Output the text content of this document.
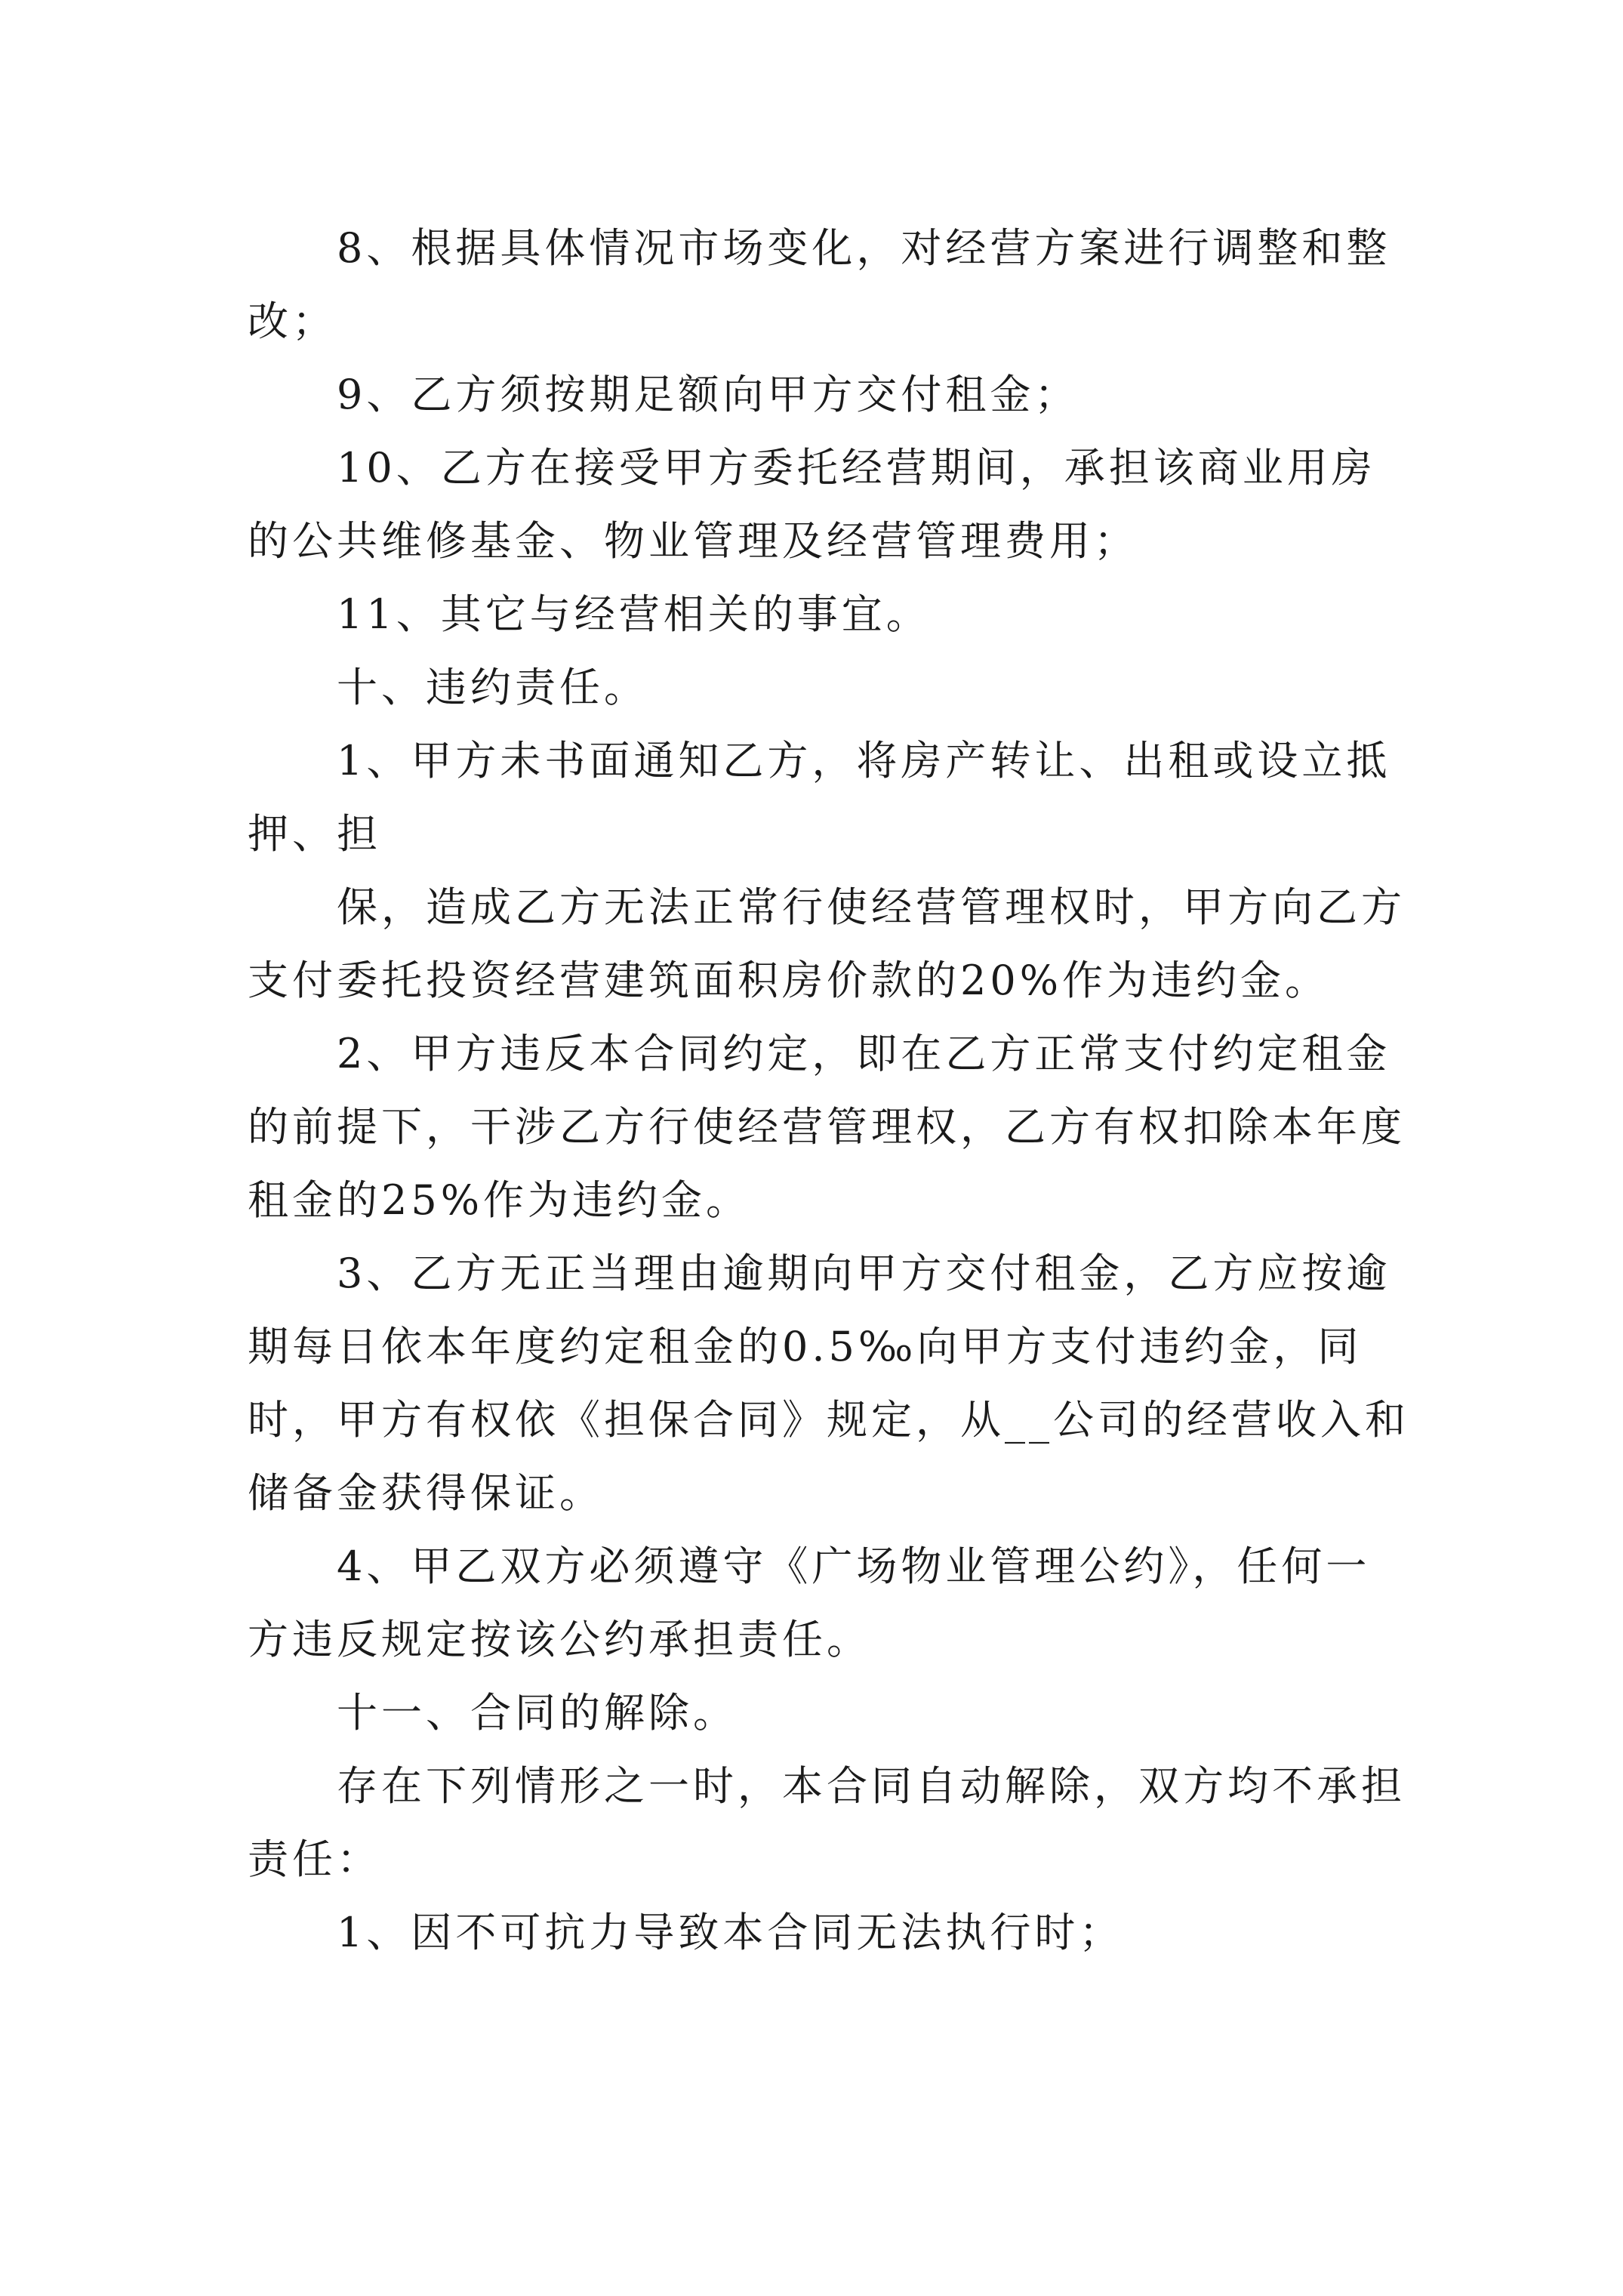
8、根据具体情况市场变化，对经营方案进行调整和整改；

9、乙方须按期足额向甲方交付租金；

10、乙方在接受甲方委托经营期间，承担该商业用房的公共维修基金、物业管理及经营管理费用；

11、其它与经营相关的事宜。

十、违约责任。

1、甲方未书面通知乙方，将房产转让、出租或设立抵押、担

保，造成乙方无法正常行使经营管理权时，甲方向乙方支付委托投资经营建筑面积房价款的20%作为违约金。

2、甲方违反本合同约定，即在乙方正常支付约定租金的前提下，干涉乙方行使经营管理权，乙方有权扣除本年度租金的25%作为违约金。

3、乙方无正当理由逾期向甲方交付租金，乙方应按逾期每日依本年度约定租金的0.5‰向甲方支付违约金，同时，甲方有权依《担保合同》规定，从__公司的经营收入和储备金获得保证。

4、甲乙双方必须遵守《广场物业管理公约》，任何一方违反规定按该公约承担责任。

十一、合同的解除。

存在下列情形之一时，本合同自动解除，双方均不承担责任：

1、因不可抗力导致本合同无法执行时；
